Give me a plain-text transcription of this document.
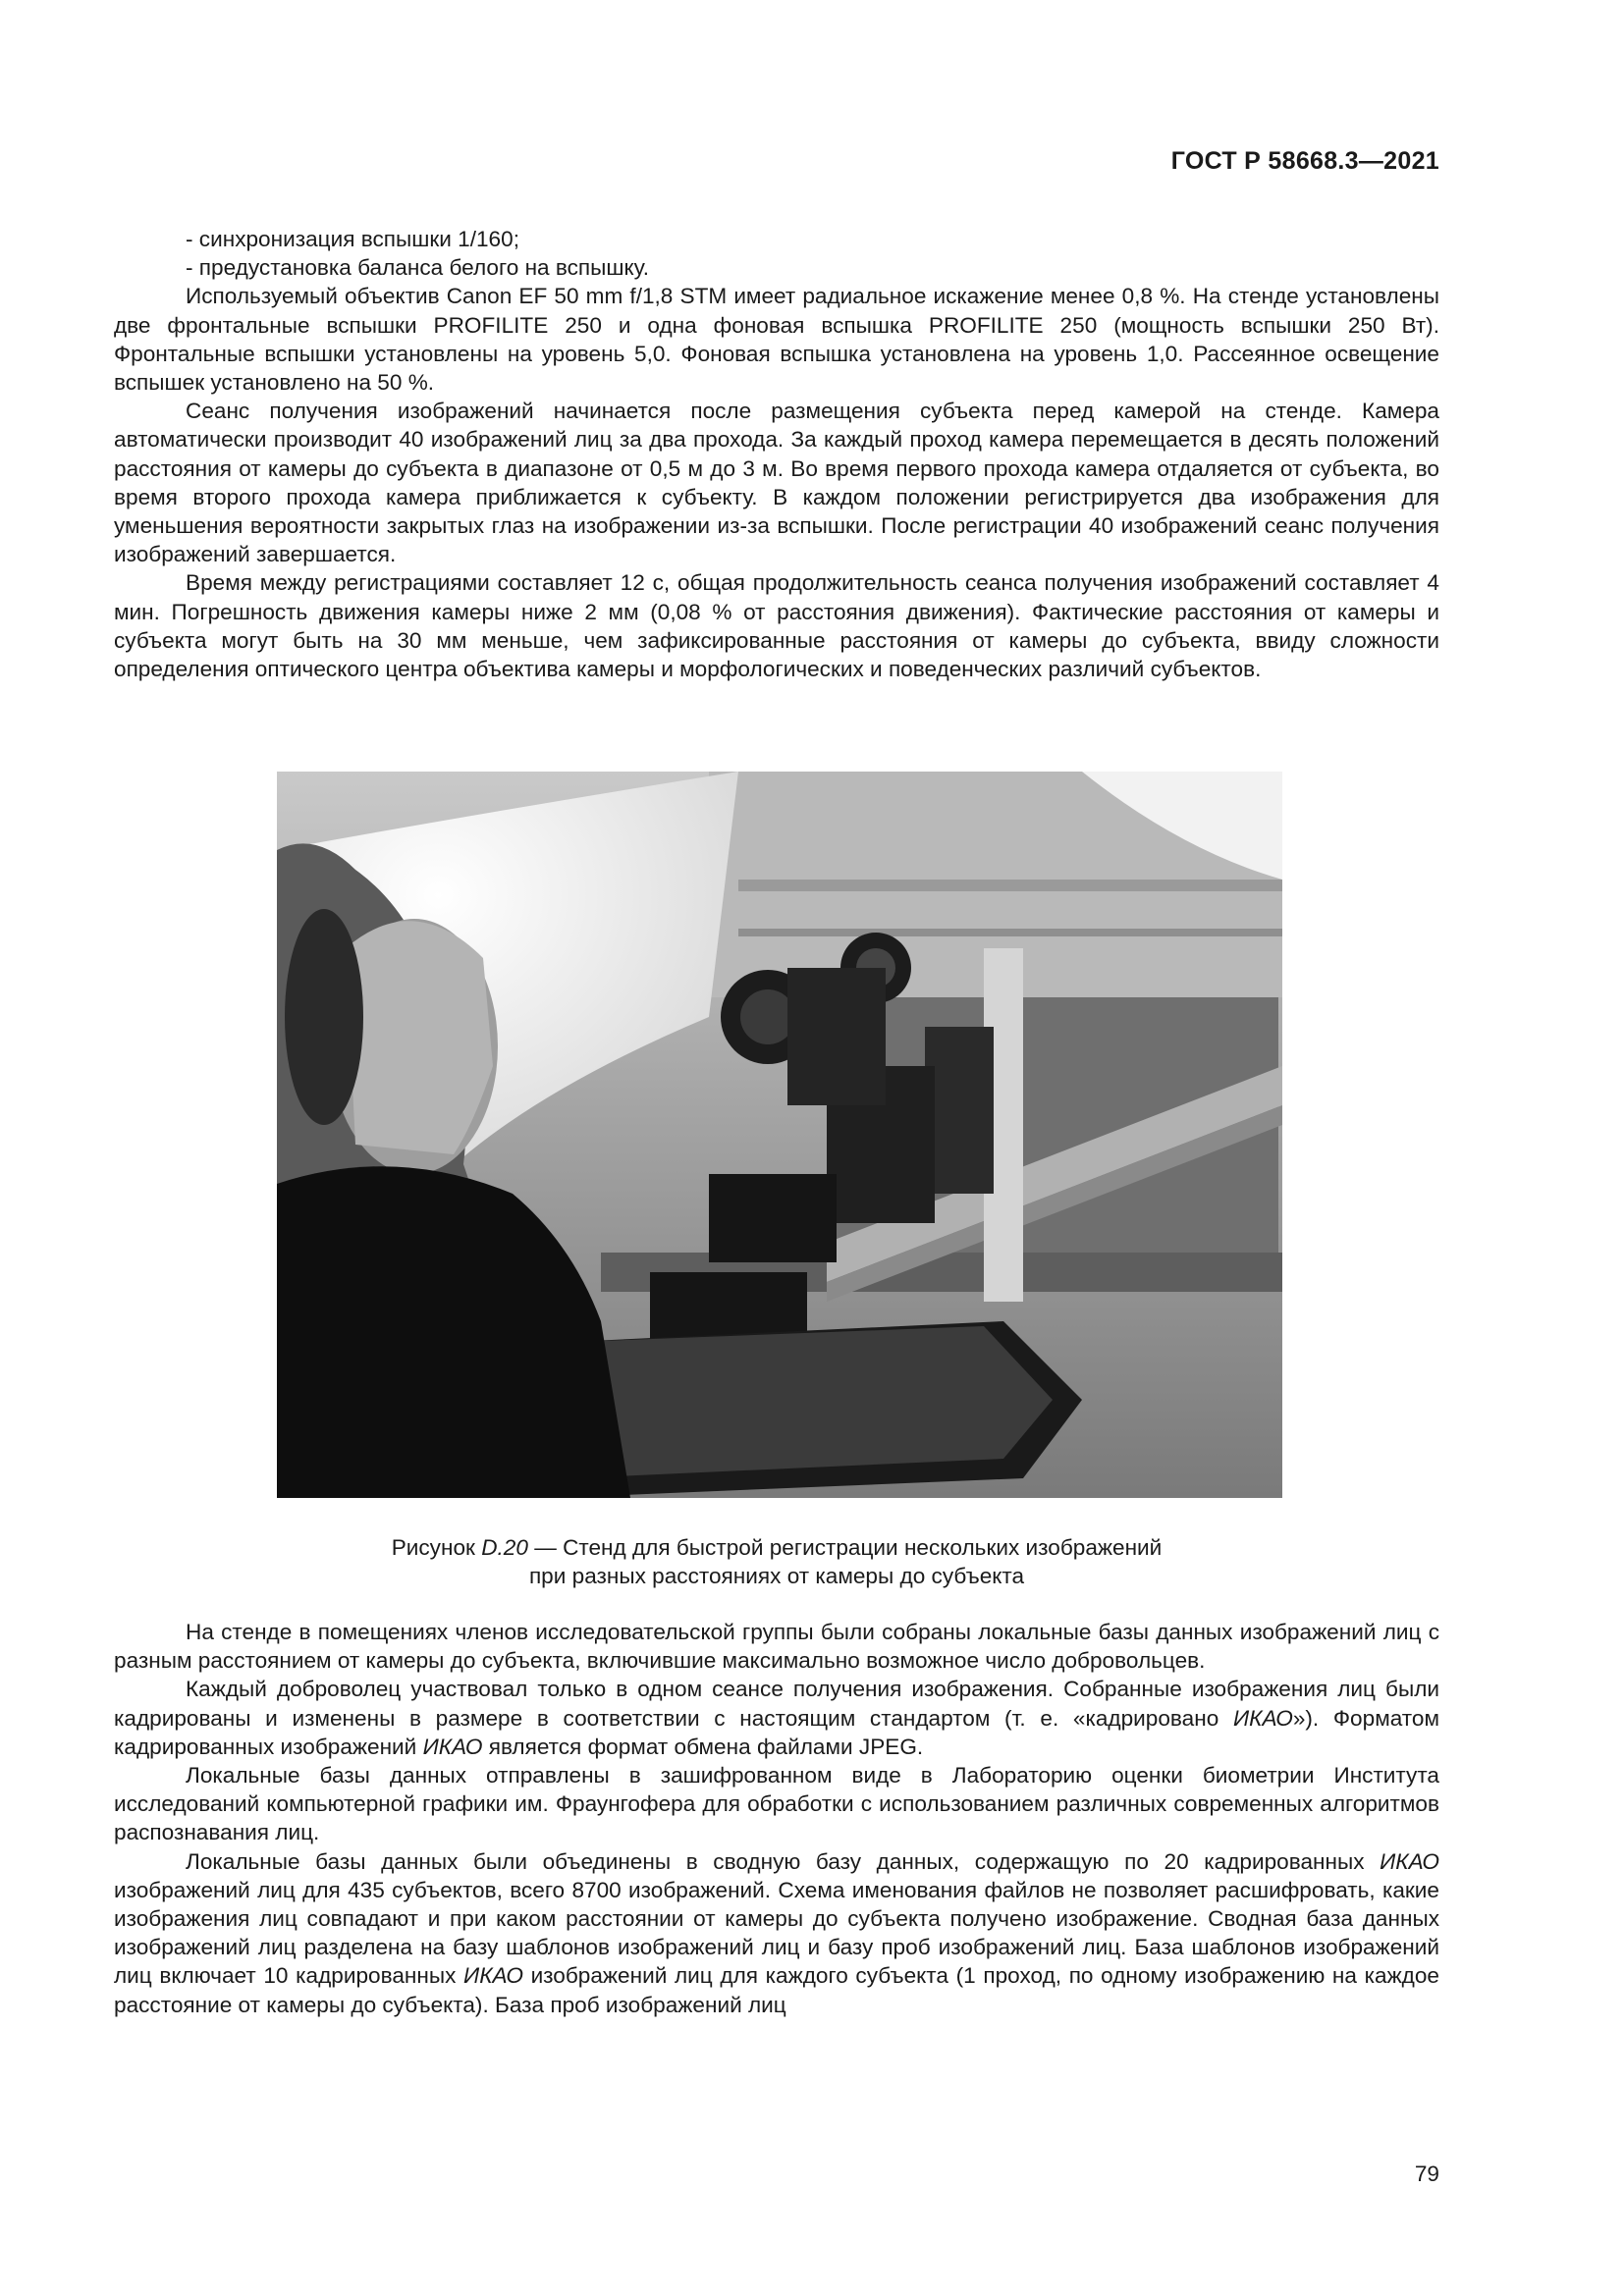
ГОСТ Р 58668.3—2021

- синхронизация вспышки 1/160;

- предустановка баланса белого на вспышку.

Используемый объектив Canon EF 50 mm f/1,8 STM имеет радиальное искажение менее 0,8 %. На стенде установлены две фронтальные вспышки PROFILITE 250 и одна фоновая вспышка PROFILITE 250 (мощность вспышки 250 Вт). Фронтальные вспышки установлены на уровень 5,0. Фоновая вспышка установлена на уровень 1,0. Рассеянное освещение вспышек установлено на 50 %.

Сеанс получения изображений начинается после размещения субъекта перед камерой на стенде. Камера автоматически производит 40 изображений лиц за два прохода. За каждый проход камера перемещается в десять положений расстояния от камеры до субъекта в диапазоне от 0,5 м до 3 м. Во время первого прохода камера отдаляется от субъекта, во время второго прохода камера приближается к субъекту. В каждом положении регистрируется два изображения для уменьшения вероятности закрытых глаз на изображении из-за вспышки. После регистрации 40 изображений сеанс получения изображений завершается.

Время между регистрациями составляет 12 с, общая продолжительность сеанса получения изображений составляет 4 мин. Погрешность движения камеры ниже 2 мм (0,08 % от расстояния движения). Фактические расстояния от камеры и субъекта могут быть на 30 мм меньше, чем зафиксированные расстояния от камеры до субъекта, ввиду сложности определения оптического центра объектива камеры и морфологических и поведенческих различий субъектов.

Рисунок D.20 — Стенд для быстрой регистрации нескольких изображений
при разных расстояниях от камеры до субъекта

На стенде в помещениях членов исследовательской группы были собраны локальные базы данных изображений лиц с разным расстоянием от камеры до субъекта, включившие максимально возможное число добровольцев.

Каждый доброволец участвовал только в одном сеансе получения изображения. Собранные изображения лиц были кадрированы и изменены в размере в соответствии с настоящим стандартом (т. е. «кадрировано ИКАО»). Форматом кадрированных изображений ИКАО является формат обмена файлами JPEG.

Локальные базы данных отправлены в зашифрованном виде в Лабораторию оценки биометрии Института исследований компьютерной графики им. Фраунгофера для обработки с использованием различных современных алгоритмов распознавания лиц.

Локальные базы данных были объединены в сводную базу данных, содержащую по 20 кадрированных ИКАО изображений лиц для 435 субъектов, всего 8700 изображений. Схема именования файлов не позволяет расшифровать, какие изображения лиц совпадают и при каком расстоянии от камеры до субъекта получено изображение. Сводная база данных изображений лиц разделена на базу шаблонов изображений лиц и базу проб изображений лиц. База шаблонов изображений лиц включает 10 кадрированных ИКАО изображений лиц для каждого субъекта (1 проход, по одному изображению на каждое расстояние от камеры до субъекта). База проб изображений лиц

79
